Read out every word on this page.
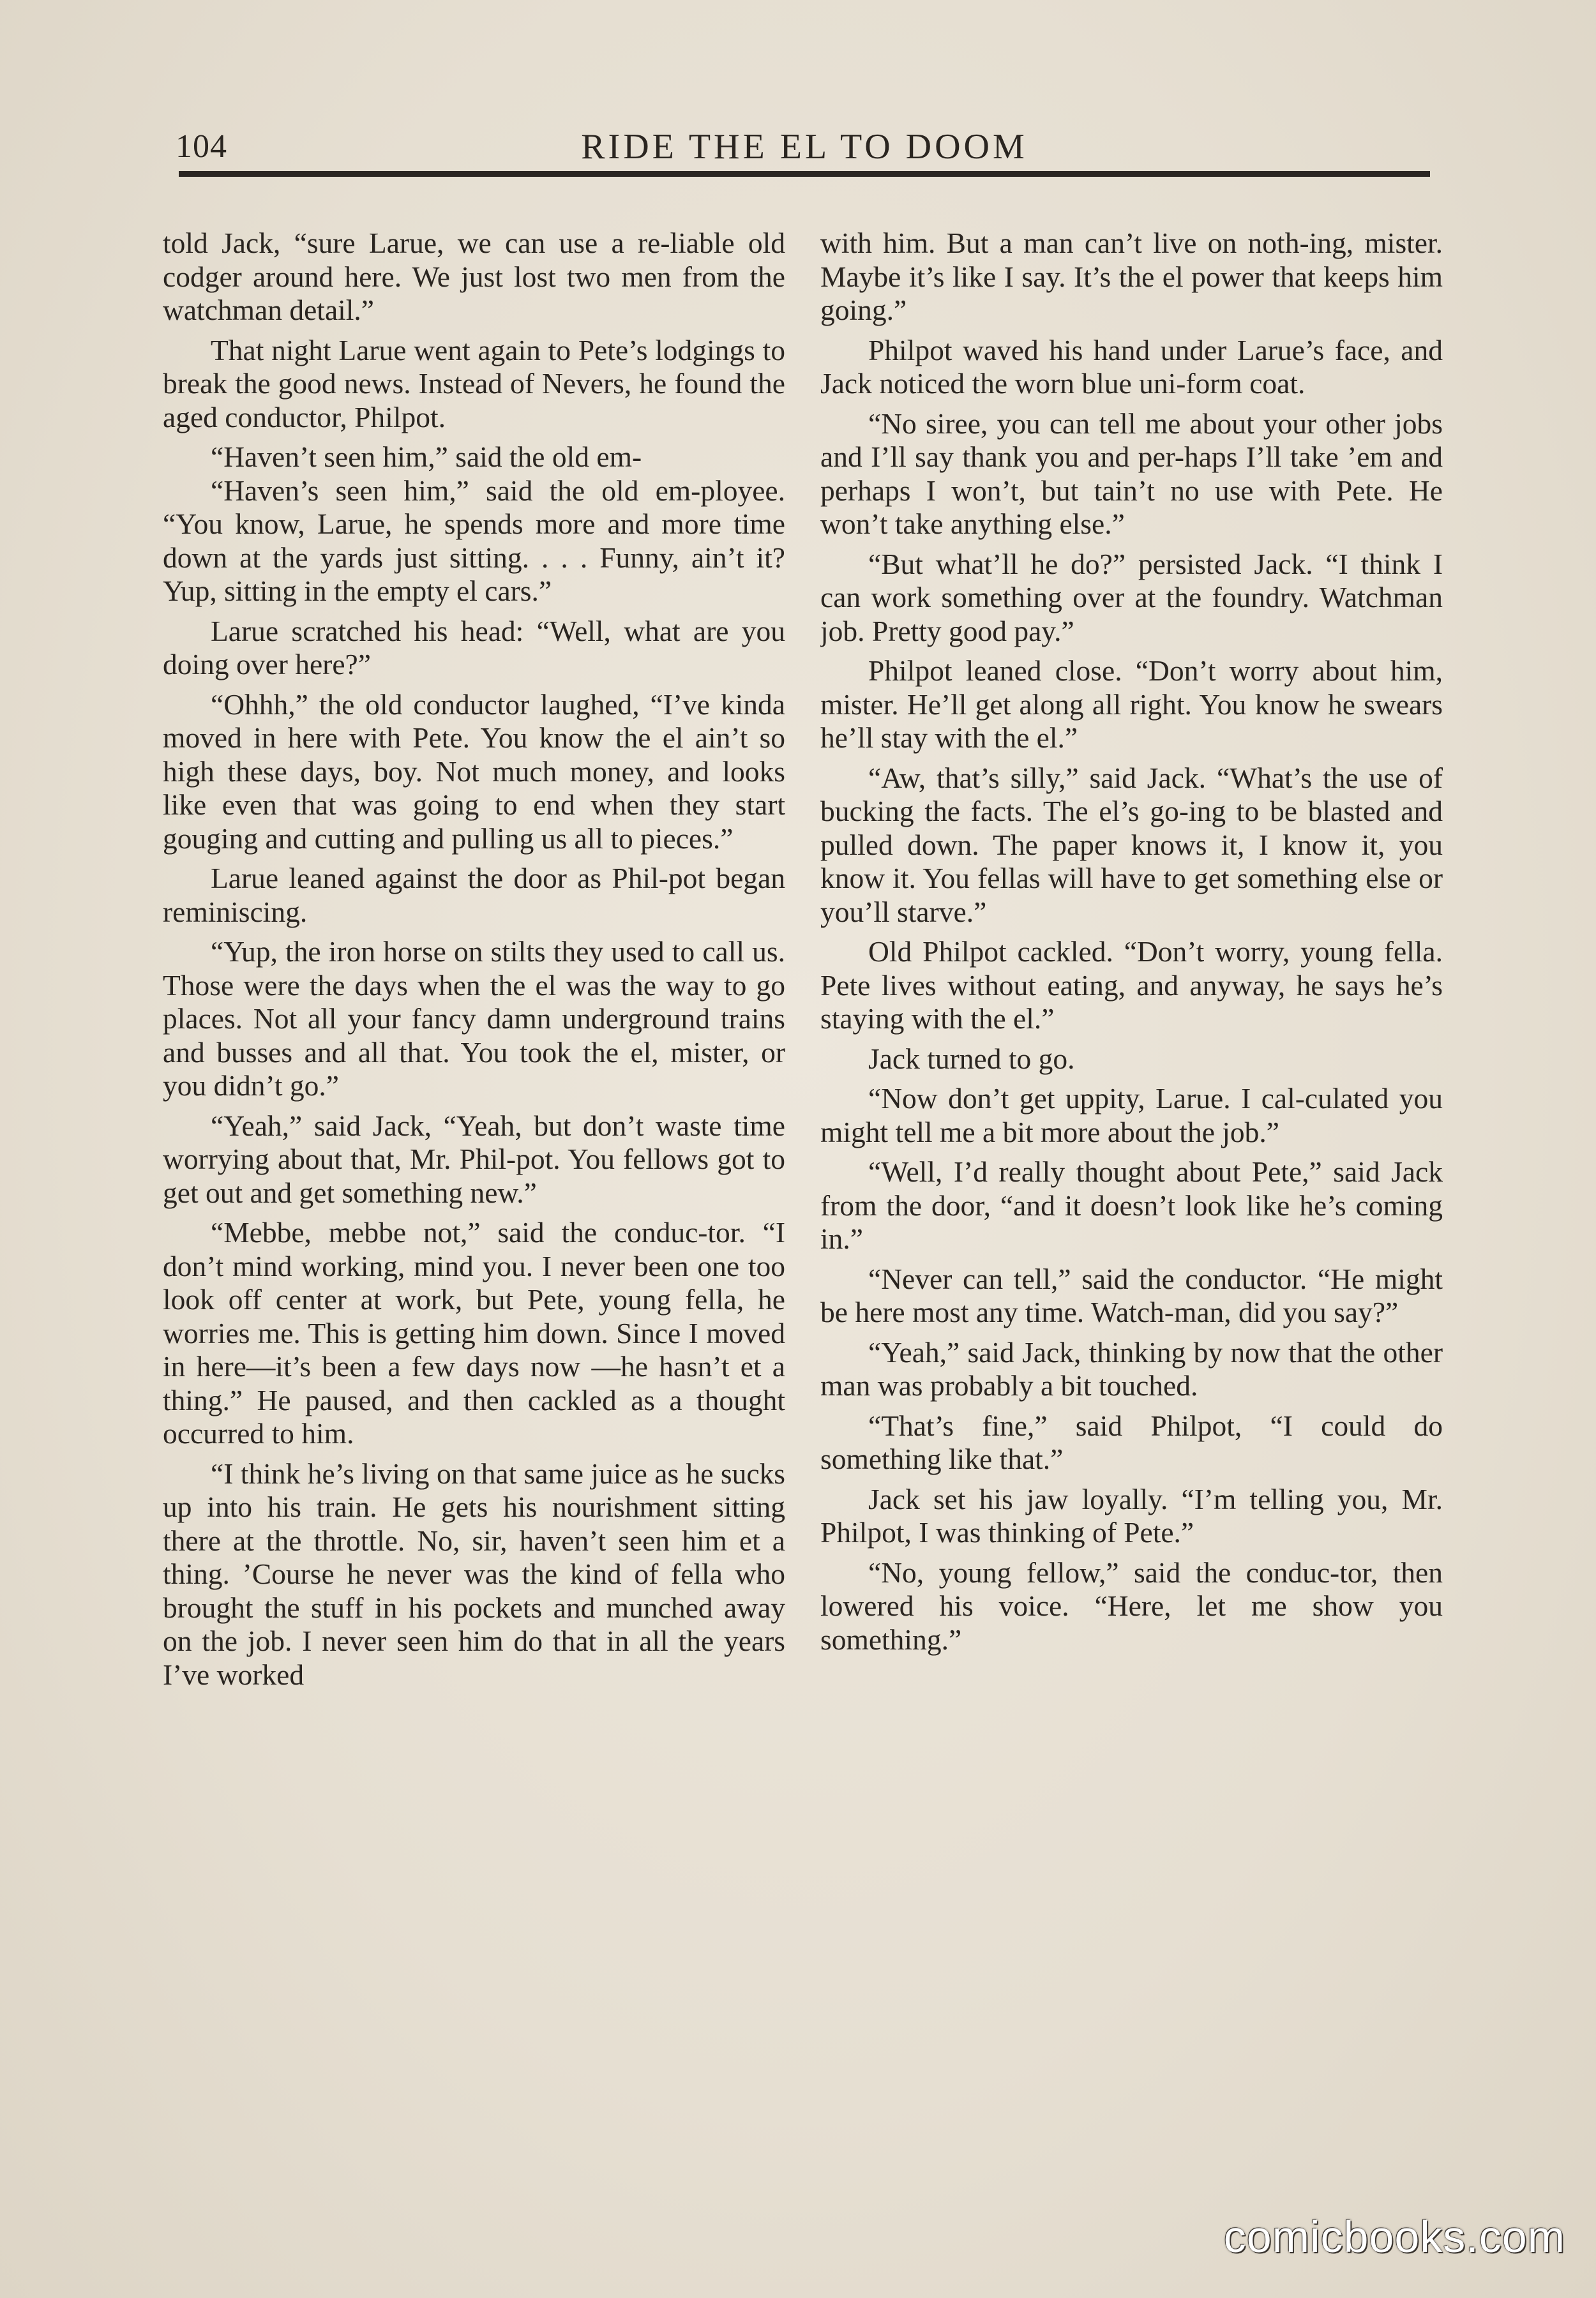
104	RIDE THE EL TO DOOM

told Jack, “sure Larue, we can use a re-liable old codger around here. We just lost two men from the watchman detail.”

That night Larue went again to Pete’s lodgings to break the good news. Instead of Nevers, he found the aged conductor, Philpot.

“Haven’t seen him,” said the old em-

“Haven’s seen him,” said the old em-ployee. “You know, Larue, he spends more and more time down at the yards just sitting. . . . Funny, ain’t it? Yup, sitting in the empty el cars.”

Larue scratched his head: “Well, what are you doing over here?”

“Ohhh,” the old conductor laughed, “I’ve kinda moved in here with Pete. You know the el ain’t so high these days, boy. Not much money, and looks like even that was going to end when they start gouging and cutting and pulling us all to pieces.”

Larue leaned against the door as Phil-pot began reminiscing.

“Yup, the iron horse on stilts they used to call us. Those were the days when the el was the way to go places. Not all your fancy damn underground trains and busses and all that. You took the el, mister, or you didn’t go.”

“Yeah,” said Jack, “Yeah, but don’t waste time worrying about that, Mr. Phil-pot. You fellows got to get out and get something new.”

“Mebbe, mebbe not,” said the conduc-tor. “I don’t mind working, mind you. I never been one too look off center at work, but Pete, young fella, he worries me. This is getting him down. Since I moved in here—it’s been a few days now —he hasn’t et a thing.” He paused, and then cackled as a thought occurred to him.

“I think he’s living on that same juice as he sucks up into his train. He gets his nourishment sitting there at the throttle. No, sir, haven’t seen him et a thing. ’Course he never was the kind of fella who brought the stuff in his pockets and munched away on the job. I never seen him do that in all the years I’ve worked

with him. But a man can’t live on noth-ing, mister. Maybe it’s like I say. It’s the el power that keeps him going.”

Philpot waved his hand under Larue’s face, and Jack noticed the worn blue uni-form coat.

“No siree, you can tell me about your other jobs and I’ll say thank you and per-haps I’ll take ’em and perhaps I won’t, but tain’t no use with Pete. He won’t take anything else.”

“But what’ll he do?” persisted Jack. “I think I can work something over at the foundry. Watchman job. Pretty good pay.”

Philpot leaned close. “Don’t worry about him, mister. He’ll get along all right. You know he swears he’ll stay with the el.”

“Aw, that’s silly,” said Jack. “What’s the use of bucking the facts. The el’s go-ing to be blasted and pulled down. The paper knows it, I know it, you know it. You fellas will have to get something else or you’ll starve.”

Old Philpot cackled. “Don’t worry, young fella. Pete lives without eating, and anyway, he says he’s staying with the el.”

Jack turned to go.

“Now don’t get uppity, Larue. I cal-culated you might tell me a bit more about the job.”

“Well, I’d really thought about Pete,” said Jack from the door, “and it doesn’t look like he’s coming in.”

“Never can tell,” said the conductor. “He might be here most any time. Watch-man, did you say?”

“Yeah,” said Jack, thinking by now that the other man was probably a bit touched.

“That’s fine,” said Philpot, “I could do something like that.”

Jack set his jaw loyally. “I’m telling you, Mr. Philpot, I was thinking of Pete.”

“No, young fellow,” said the conduc-tor, then lowered his voice. “Here, let me show you something.”

comicbooks.com
